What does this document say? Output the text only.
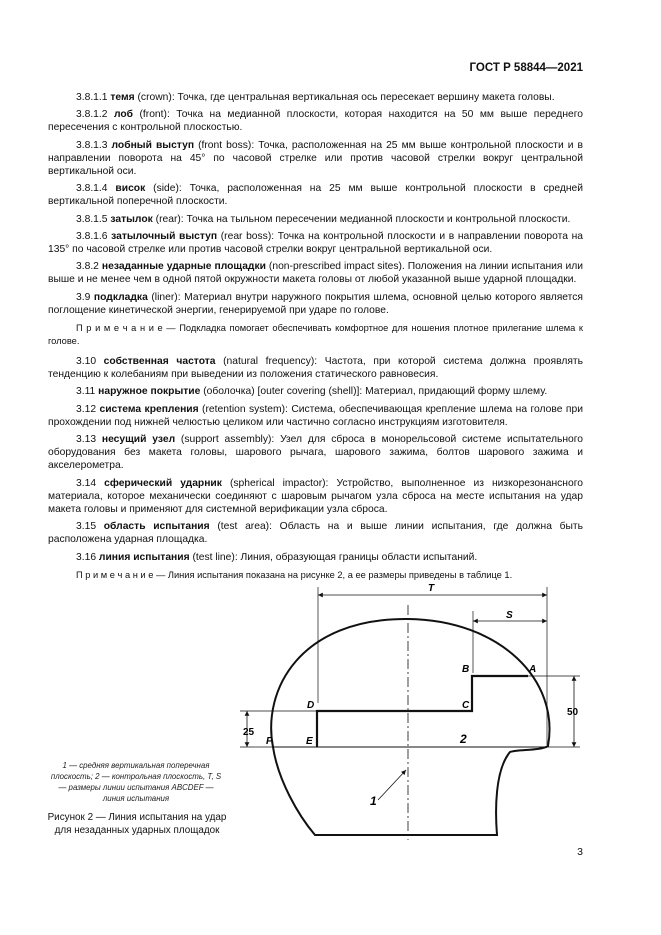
ГОСТ Р 58844—2021
3.8.1.1 темя (crown): Точка, где центральная вертикальная ось пересекает вершину макета головы.
3.8.1.2 лоб (front): Точка на медианной плоскости, которая находится на 50 мм выше переднего пересечения с контрольной плоскостью.
3.8.1.3 лобный выступ (front boss): Точка, расположенная на 25 мм выше контрольной плоскости и в направлении поворота на 45° по часовой стрелке или против часовой стрелки вокруг центральной вертикальной оси.
3.8.1.4 висок (side): Точка, расположенная на 25 мм выше контрольной плоскости в средней вертикальной поперечной плоскости.
3.8.1.5 затылок (rear): Точка на тыльном пересечении медианной плоскости и контрольной плоскости.
3.8.1.6 затылочный выступ (rear boss): Точка на контрольной плоскости и в направлении поворота на 135° по часовой стрелке или против часовой стрелки вокруг центральной вертикальной оси.
3.8.2 незаданные ударные площадки (non-prescribed impact sites). Положения на линии испытания или выше и не менее чем в одной пятой окружности макета головы от любой указанной выше ударной площадки.
3.9 подкладка (liner): Материал внутри наружного покрытия шлема, основной целью которого является поглощение кинетической энергии, генерируемой при ударе по голове.
П р и м е ч а н и е — Подкладка помогает обеспечивать комфортное для ношения плотное прилегание шлема к голове.
3.10 собственная частота (natural frequency): Частота, при которой система должна проявлять тенденцию к колебаниям при выведении из положения статического равновесия.
3.11 наружное покрытие (оболочка) [outer covering (shell)]: Материал, придающий форму шлему.
3.12 система крепления (retention system): Система, обеспечивающая крепление шлема на голове при прохождении под нижней челюстью целиком или частично согласно инструкциям изготовителя.
3.13 несущий узел (support assembly): Узел для сброса в монорельсовой системе испытательного оборудования без макета головы, шарового рычага, шарового зажима, болтов шарового зажима и акселерометра.
3.14 сферический ударник (spherical impactor): Устройство, выполненное из низкорезонансного материала, которое механически соединяют с шаровым рычагом узла сброса на месте испытания на удар макета головы и применяют для системной верификации узла сброса.
3.15 область испытания (test area): Область на и выше линии испытания, где должна быть расположена ударная площадка.
3.16 линия испытания (test line): Линия, образующая границы области испытаний.
П р и м е ч а н и е — Линия испытания показана на рисунке 2, а ее размеры приведены в таблице 1.
T
S
A
B
C
D
E
F
50
25
1
2
1 — средняя вертикальная поперечная плоскость; 2 — контрольная плоскость, T, S — размеры линии испытания ABCDEF — линия испытания
Рисунок 2 — Линия испытания на удар для незаданных ударных площадок
3
